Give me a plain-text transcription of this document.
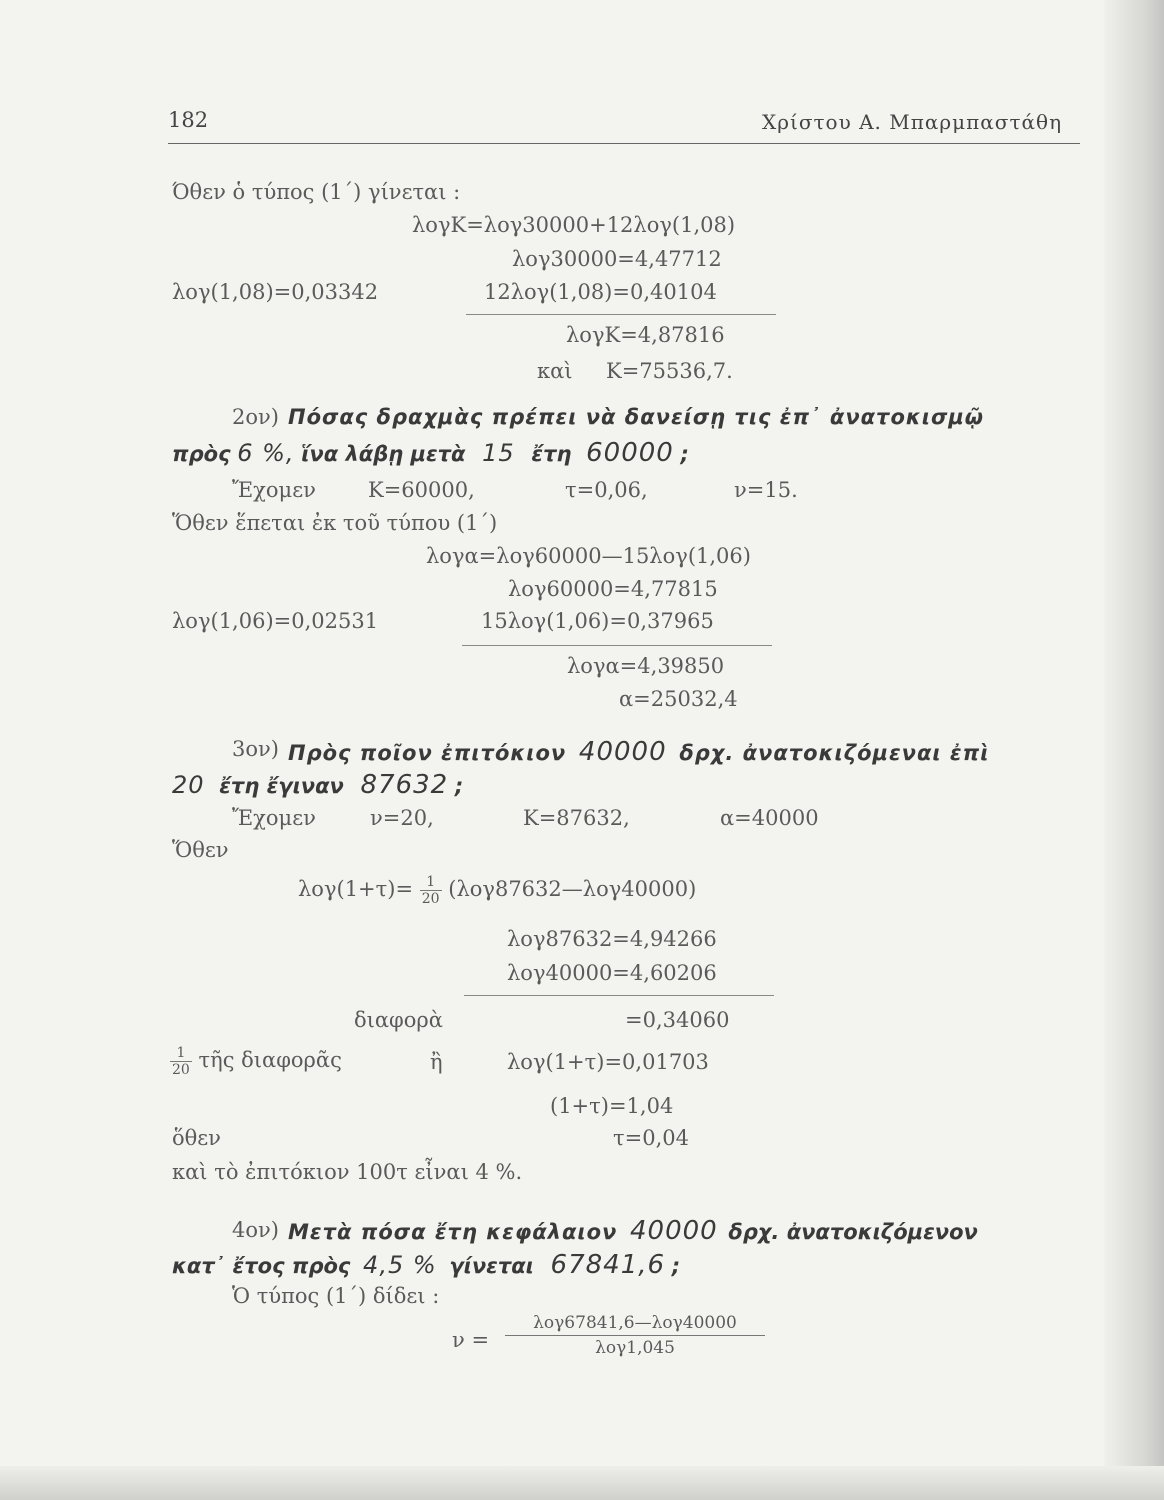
182	Χρίστου Α. Μπαρμπαστάθη
Όθεν ὁ τύπος (1΄) γίνεται :
λογK=λογ30000+12λογ(1,08)
λογ30000=4,47712
λογ(1,08)=0,03342	12λογ(1,08)=0,40104
λογK=4,87816
καὶ K=75536,7.
2ον) Πόσας δραχμὰς πρέπει νὰ δανείσῃ τις ἐπ᾽ ἀνατοκισμῷ
πρὸς 6 %, ἵνα λάβῃ μετὰ 15 ἔτη 60000 ;
Ἔχομεν K=60000,	τ=0,06,	ν=15.
Ὅθεν ἕπεται ἐκ τοῦ τύπου (1΄)
λογα=λογ60000—15λογ(1,06)
λογ60000=4,77815
λογ(1,06)=0,02531	15λογ(1,06)=0,37965
λογα=4,39850
α=25032,4
3ον) Πρὸς ποῖον ἐπιτόκιον 40000 δρχ. ἀνατοκιζόμεναι ἐπὶ
20 ἔτη ἔγιναν 87632 ;
Ἔχομεν	ν=20,	K=87632,	α=40000
Ὅθεν
$\lambda o\gamma(1+\tau)= \frac{1}{20}$ (λογ87632—λογ40000)
λογ87632=4,94266
λογ40000=4,60206
διαφορὰ	=0,34060
$\frac{1}{20}$ τῆς διαφορᾶς	ἢ	λογ(1+τ)=0,01703
(1+τ)=1,04
ὅθεν	τ=0,04
καὶ τὸ ἐπιτόκιον 100τ εἶναι 4 %.
4ον) Μετὰ πόσα ἔτη κεφάλαιον 40000 δρχ. ἀνατοκιζόμενον
κατ᾽ ἔτος πρὸς 4,5 % γίνεται 67841,6 ;
Ὁ τύπος (1΄) δίδει :
ν =
λογ67841,6—λογ40000
λογ1,045
